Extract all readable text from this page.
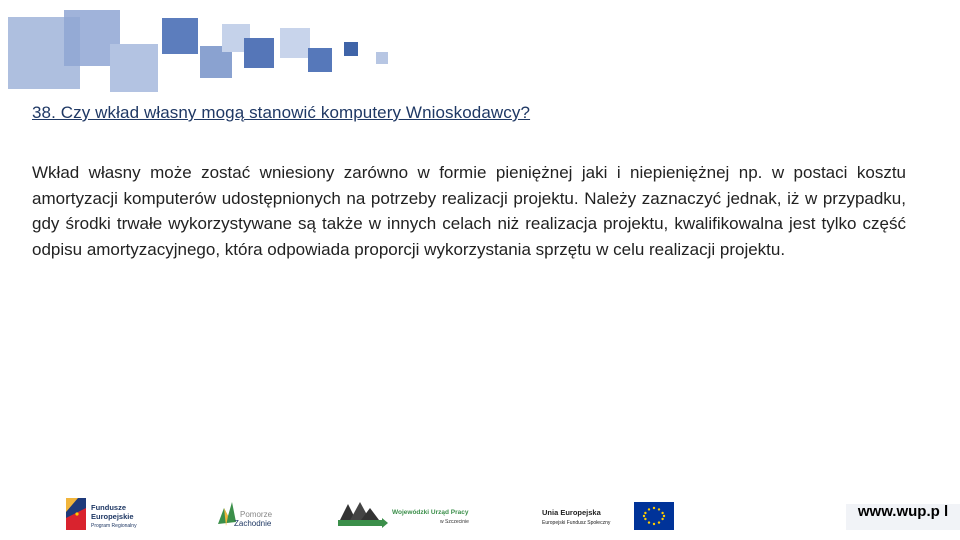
38. Czy wkład własny mogą stanowić komputery Wnioskodawcy?

Wkład własny może zostać wniesiony zarówno w formie pieniężnej jaki i niepieniężnej np. w postaci kosztu amortyzacji komputerów udostępnionych na potrzeby realizacji projektu. Należy zaznaczyć jednak, iż w przypadku, gdy środki trwałe wykorzystywane są także w innych celach niż realizacja projektu, kwalifikowalna jest tylko część odpisu amortyzacyjnego, która odpowiada proporcji wykorzystania sprzętu w celu realizacji projektu.

Fundusze
Europejskie
Program Regionalny
Pomorze
Zachodnie
Wojewódzki Urząd Pracy
w Szczecinie
Unia Europejska
Europejski Fundusz Społeczny
www.wup.p l
